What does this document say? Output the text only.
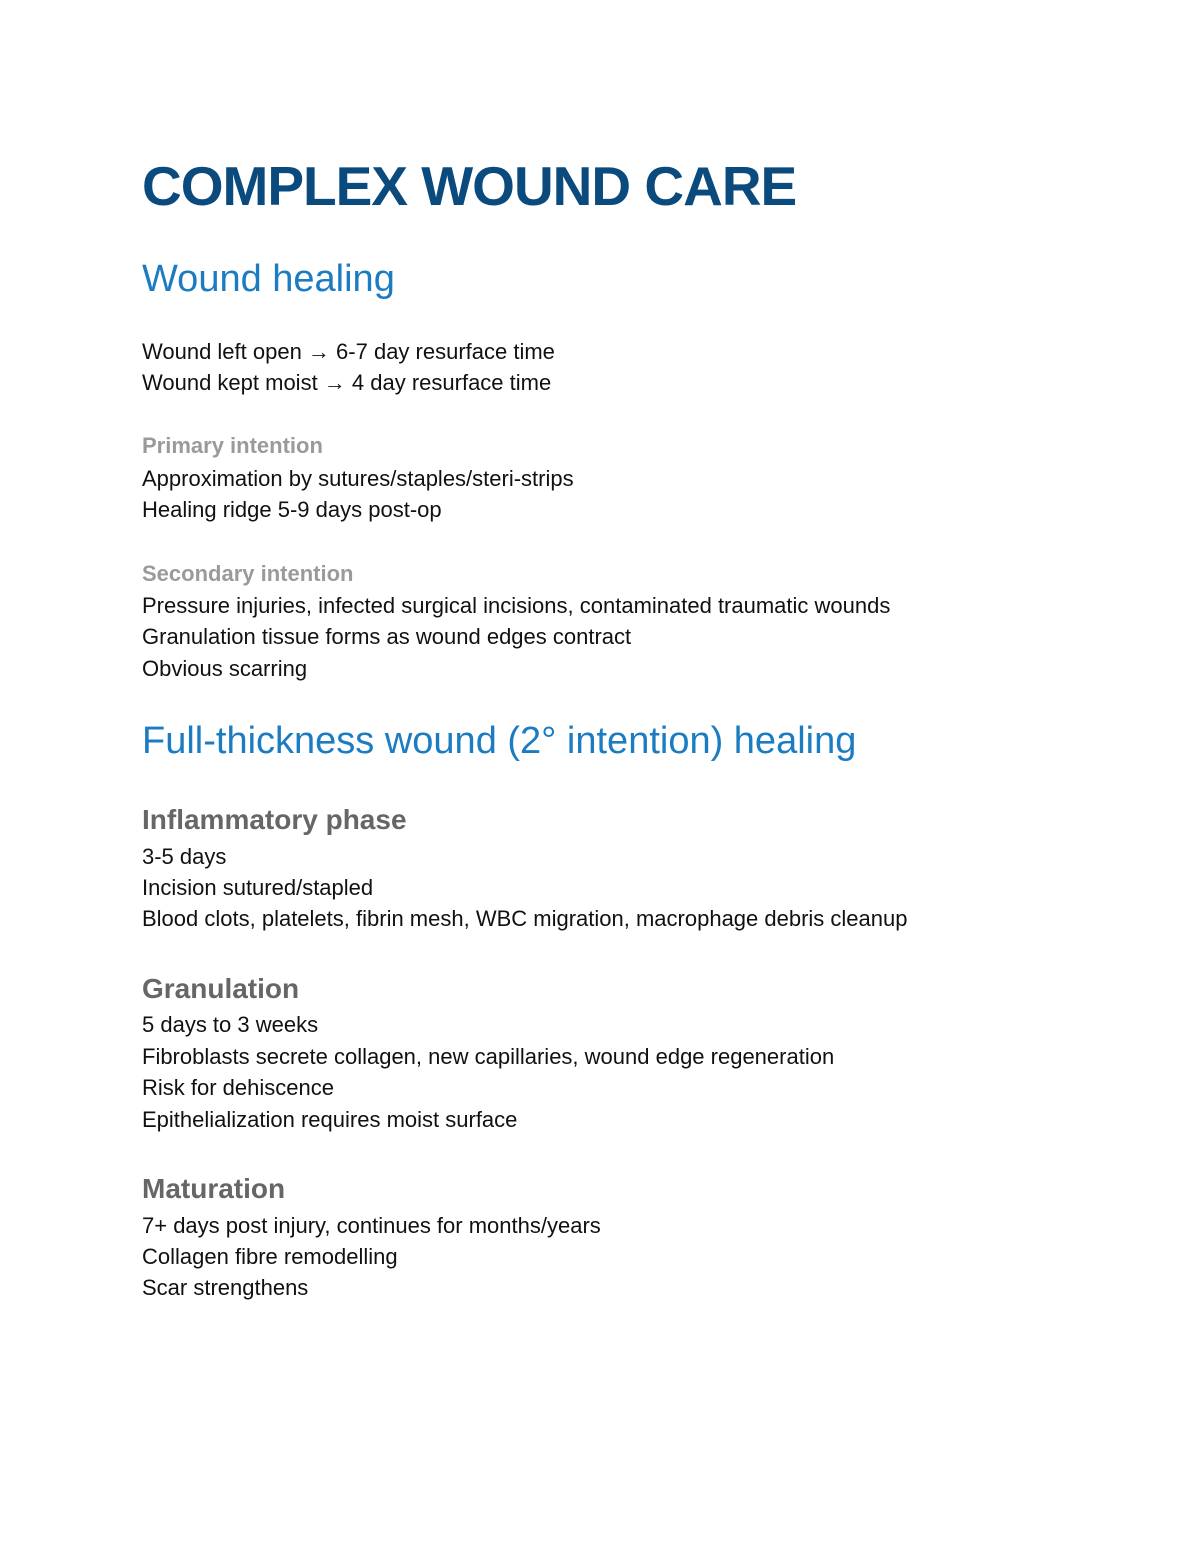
COMPLEX WOUND CARE
Wound healing

Wound left open → 6-7 day resurface time

Wound kept moist → 4 day resurface time

Primary intention

Approximation by sutures/staples/steri-strips

Healing ridge 5-9 days post-op

Secondary intention

Pressure injuries, infected surgical incisions, contaminated traumatic wounds

Granulation tissue forms as wound edges contract

Obvious scarring

Full-thickness wound (2° intention) healing

Inflammatory phase

3-5 days

Incision sutured/stapled

Blood clots, platelets, fibrin mesh, WBC migration, macrophage debris cleanup

Granulation

5 days to 3 weeks

Fibroblasts secrete collagen, new capillaries, wound edge regeneration

Risk for dehiscence

Epithelialization requires moist surface

Maturation

7+ days post injury, continues for months/years

Collagen fibre remodelling

Scar strengthens
